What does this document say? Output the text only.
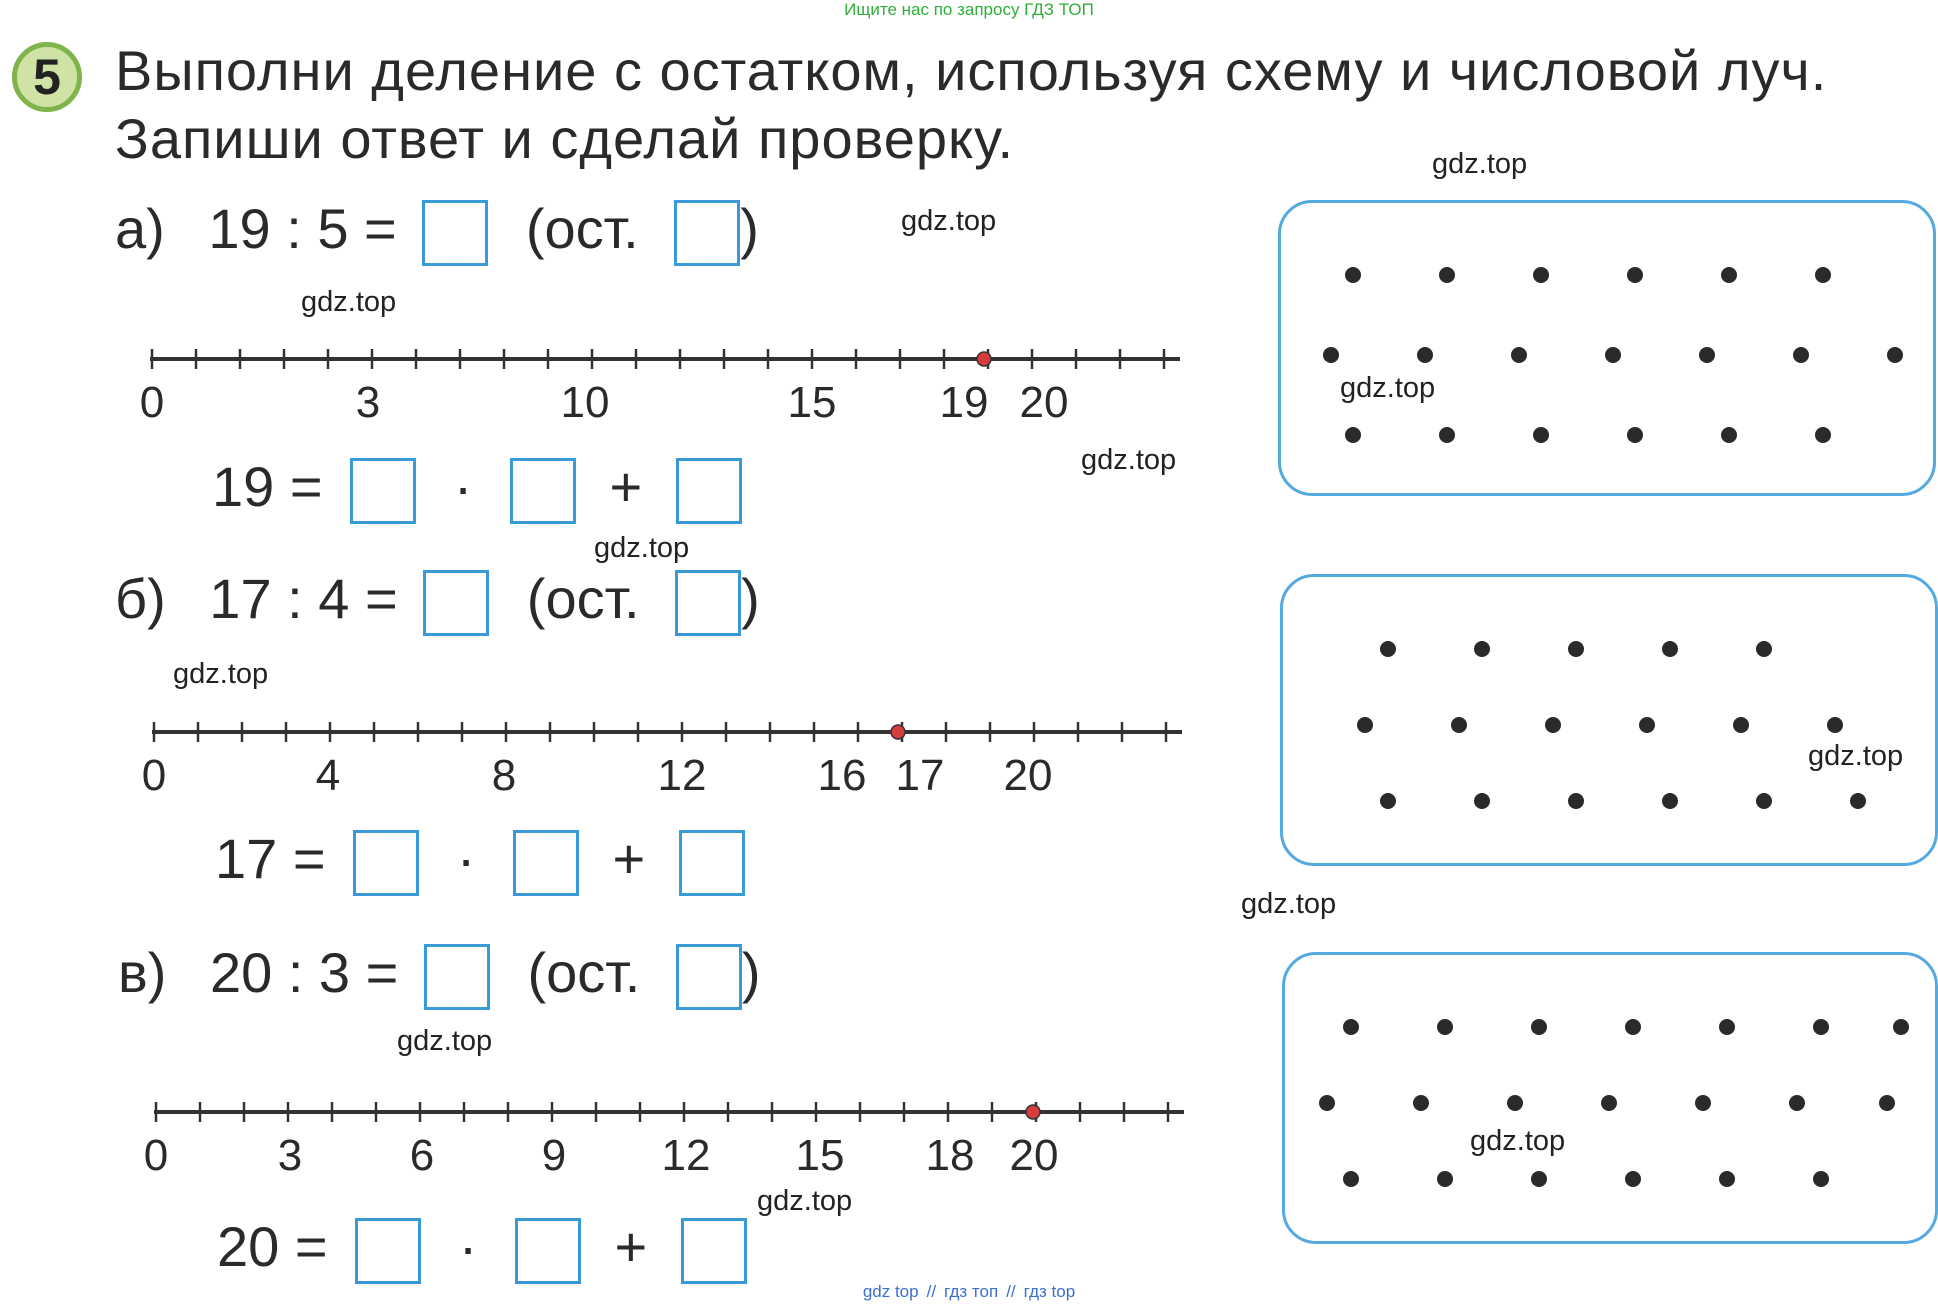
Ищите нас по запросу ГДЗ ТОП
5 Выполни деление с остатком, используя схему и числовой луч.
Запиши ответ и сделай проверку.
а) 19 : 5 = (ост. )
0	3	10	15 19 20
19 = · +
б) 17 : 4 = (ост. )
0	4	8	12	16 17 20
17 = · +
в) 20 : 3 = (ост. )
0 3 6 9 12 15 18 20
20 = · +
gdz.top
gdz.top
gdz.top
gdz.top
gdz.top
gdz.top
gdz.top
gdz.top
gdz.top
gdz.top
gdz.top
gdz.top
gdz top // гдз топ // гдз top
